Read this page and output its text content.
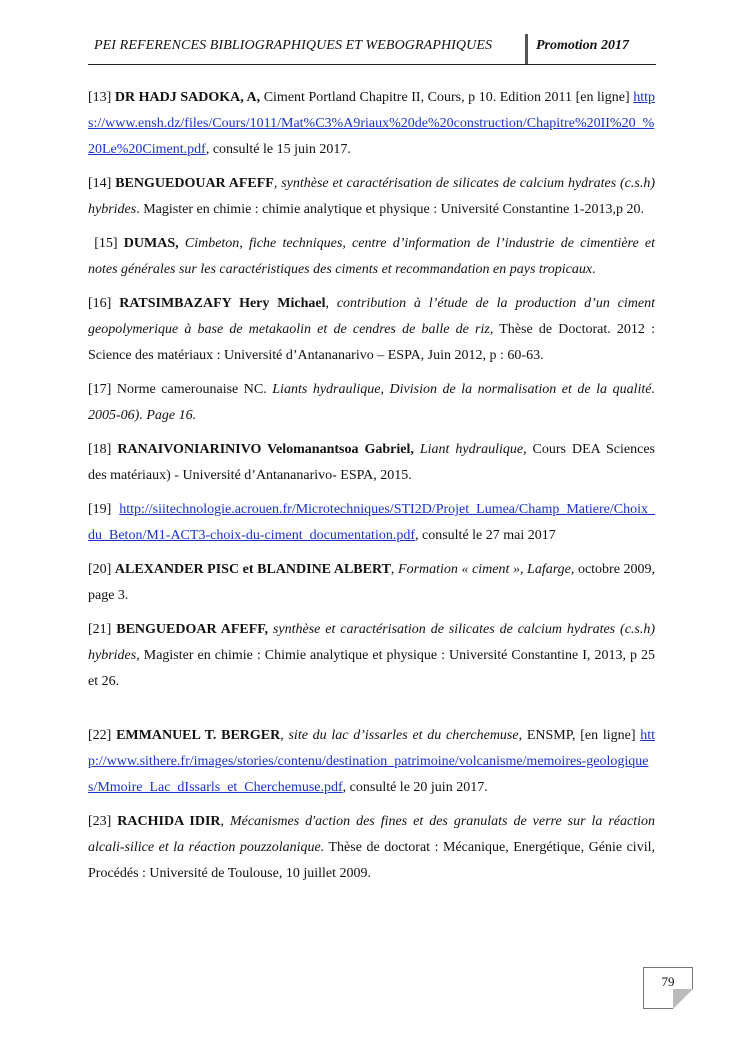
PEI REFERENCES BIBLIOGRAPHIQUES ET WEBOGRAPHIQUES	Promotion 2017

[13] DR HADJ SADOKA, A, Ciment Portland Chapitre II, Cours, p 10. Edition 2011 [en ligne] https://www.ensh.dz/files/Cours/1011/Mat%C3%A9riaux%20de%20construction/Chapitre%20II%20_%20Le%20Ciment.pdf, consulté le 15 juin 2017.

[14] BENGUEDOUAR AFEFF, synthèse et caractérisation de silicates de calcium hydrates (c.s.h) hybrides. Magister en chimie : chimie analytique et physique : Université Constantine 1-2013,p 20.

[15] DUMAS, Cimbeton, fiche techniques, centre d’information de l’industrie de cimentière et notes générales sur les caractéristiques des ciments et recommandation en pays tropicaux.

[16] RATSIMBAZAFY Hery Michael, contribution à l’étude de la production d’un ciment geopolymerique à base de metakaolin et de cendres de balle de riz, Thèse de Doctorat. 2012 : Science des matériaux : Université d’Antananarivo – ESPA, Juin 2012, p : 60-63.

[17] Norme camerounaise NC. Liants hydraulique, Division de la normalisation et de la qualité. 2005-06). Page 16.

[18] RANAIVONIARINIVO Velomanantsoa Gabriel, Liant hydraulique, Cours DEA Sciences des matériaux) - Université d’Antananarivo- ESPA, 2015.

[19] http://siitechnologie.acrouen.fr/Microtechniques/STI2D/Projet_Lumea/Champ_Matiere/Choix_du_Beton/M1-ACT3-choix-du-ciment_documentation.pdf, consulté le 27 mai 2017

[20] ALEXANDER PISC et BLANDINE ALBERT, Formation « ciment », Lafarge, octobre 2009, page 3.

[21] BENGUEDOAR AFEFF, synthèse et caractérisation de silicates de calcium hydrates (c.s.h) hybrides, Magister en chimie : Chimie analytique et physique : Université Constantine I, 2013, p 25 et 26.

[22] EMMANUEL T. BERGER, site du lac d’issarles et du cherchemuse, ENSMP, [en ligne] http://www.sithere.fr/images/stories/contenu/destination_patrimoine/volcanisme/memoires-geologiques/Mmoire_Lac_dIssarls_et_Cherchemuse.pdf, consulté le 20 juin 2017.

[23] RACHIDA IDIR, Mécanismes d'action des fines et des granulats de verre sur la réaction alcali-silice et la réaction pouzzolanique. Thèse de doctorat : Mécanique, Energétique, Génie civil, Procédés : Université de Toulouse, 10 juillet 2009.

79
